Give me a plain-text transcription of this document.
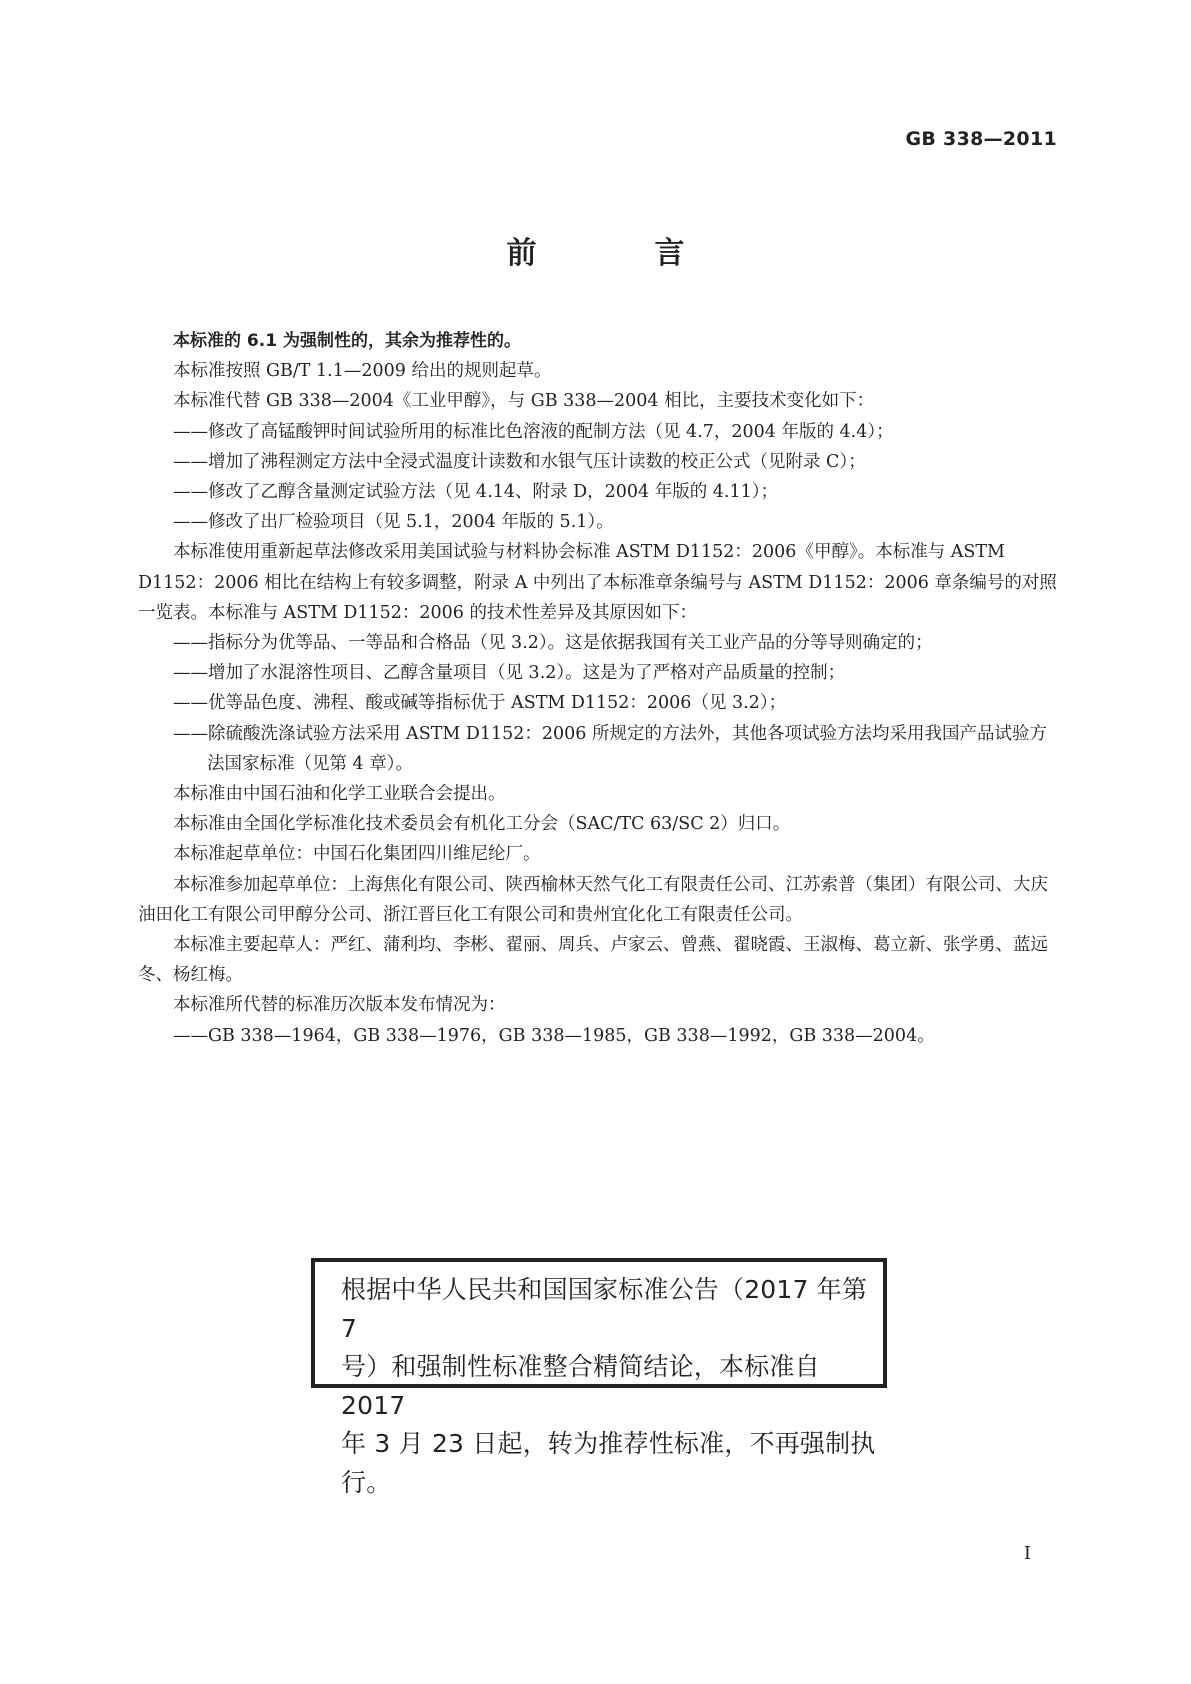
GB 338—2011
前　言

本标准的 6.1 为强制性的，其余为推荐性的。

本标准按照 GB/T 1.1—2009 给出的规则起草。

本标准代替 GB 338—2004《工业甲醇》，与 GB 338—2004 相比，主要技术变化如下：

——修改了高锰酸钾时间试验所用的标准比色溶液的配制方法（见 4.7，2004 年版的 4.4）；

——增加了沸程测定方法中全浸式温度计读数和水银气压计读数的校正公式（见附录 C）；

——修改了乙醇含量测定试验方法（见 4.14、附录 D，2004 年版的 4.11）；

——修改了出厂检验项目（见 5.1，2004 年版的 5.1）。

本标准使用重新起草法修改采用美国试验与材料协会标准 ASTM D1152：2006《甲醇》。本标准与 ASTM D1152：2006 相比在结构上有较多调整，附录 A 中列出了本标准章条编号与 ASTM D1152：2006 章条编号的对照一览表。本标准与 ASTM D1152：2006 的技术性差异及其原因如下：

——指标分为优等品、一等品和合格品（见 3.2）。这是依据我国有关工业产品的分等导则确定的；

——增加了水混溶性项目、乙醇含量项目（见 3.2）。这是为了严格对产品质量的控制；

——优等品色度、沸程、酸或碱等指标优于 ASTM D1152：2006（见 3.2）；

——除硫酸洗涤试验方法采用 ASTM D1152：2006 所规定的方法外，其他各项试验方法均采用我国产品试验方法国家标准（见第 4 章）。

本标准由中国石油和化学工业联合会提出。

本标准由全国化学标准化技术委员会有机化工分会（SAC/TC 63/SC 2）归口。

本标准起草单位：中国石化集团四川维尼纶厂。

本标准参加起草单位：上海焦化有限公司、陕西榆林天然气化工有限责任公司、江苏索普（集团）有限公司、大庆油田化工有限公司甲醇分公司、浙江晋巨化工有限公司和贵州宜化化工有限责任公司。

本标准主要起草人：严红、蒲利均、李彬、翟丽、周兵、卢家云、曾燕、翟晓霞、王淑梅、葛立新、张学勇、蓝远冬、杨红梅。

本标准所代替的标准历次版本发布情况为：

——GB 338—1964，GB 338—1976，GB 338—1985，GB 338—1992，GB 338—2004。

根据中华人民共和国国家标准公告（2017 年第 7
号）和强制性标准整合精简结论，本标准自 2017
年 3 月 23 日起，转为推荐性标准，不再强制执行。
I
